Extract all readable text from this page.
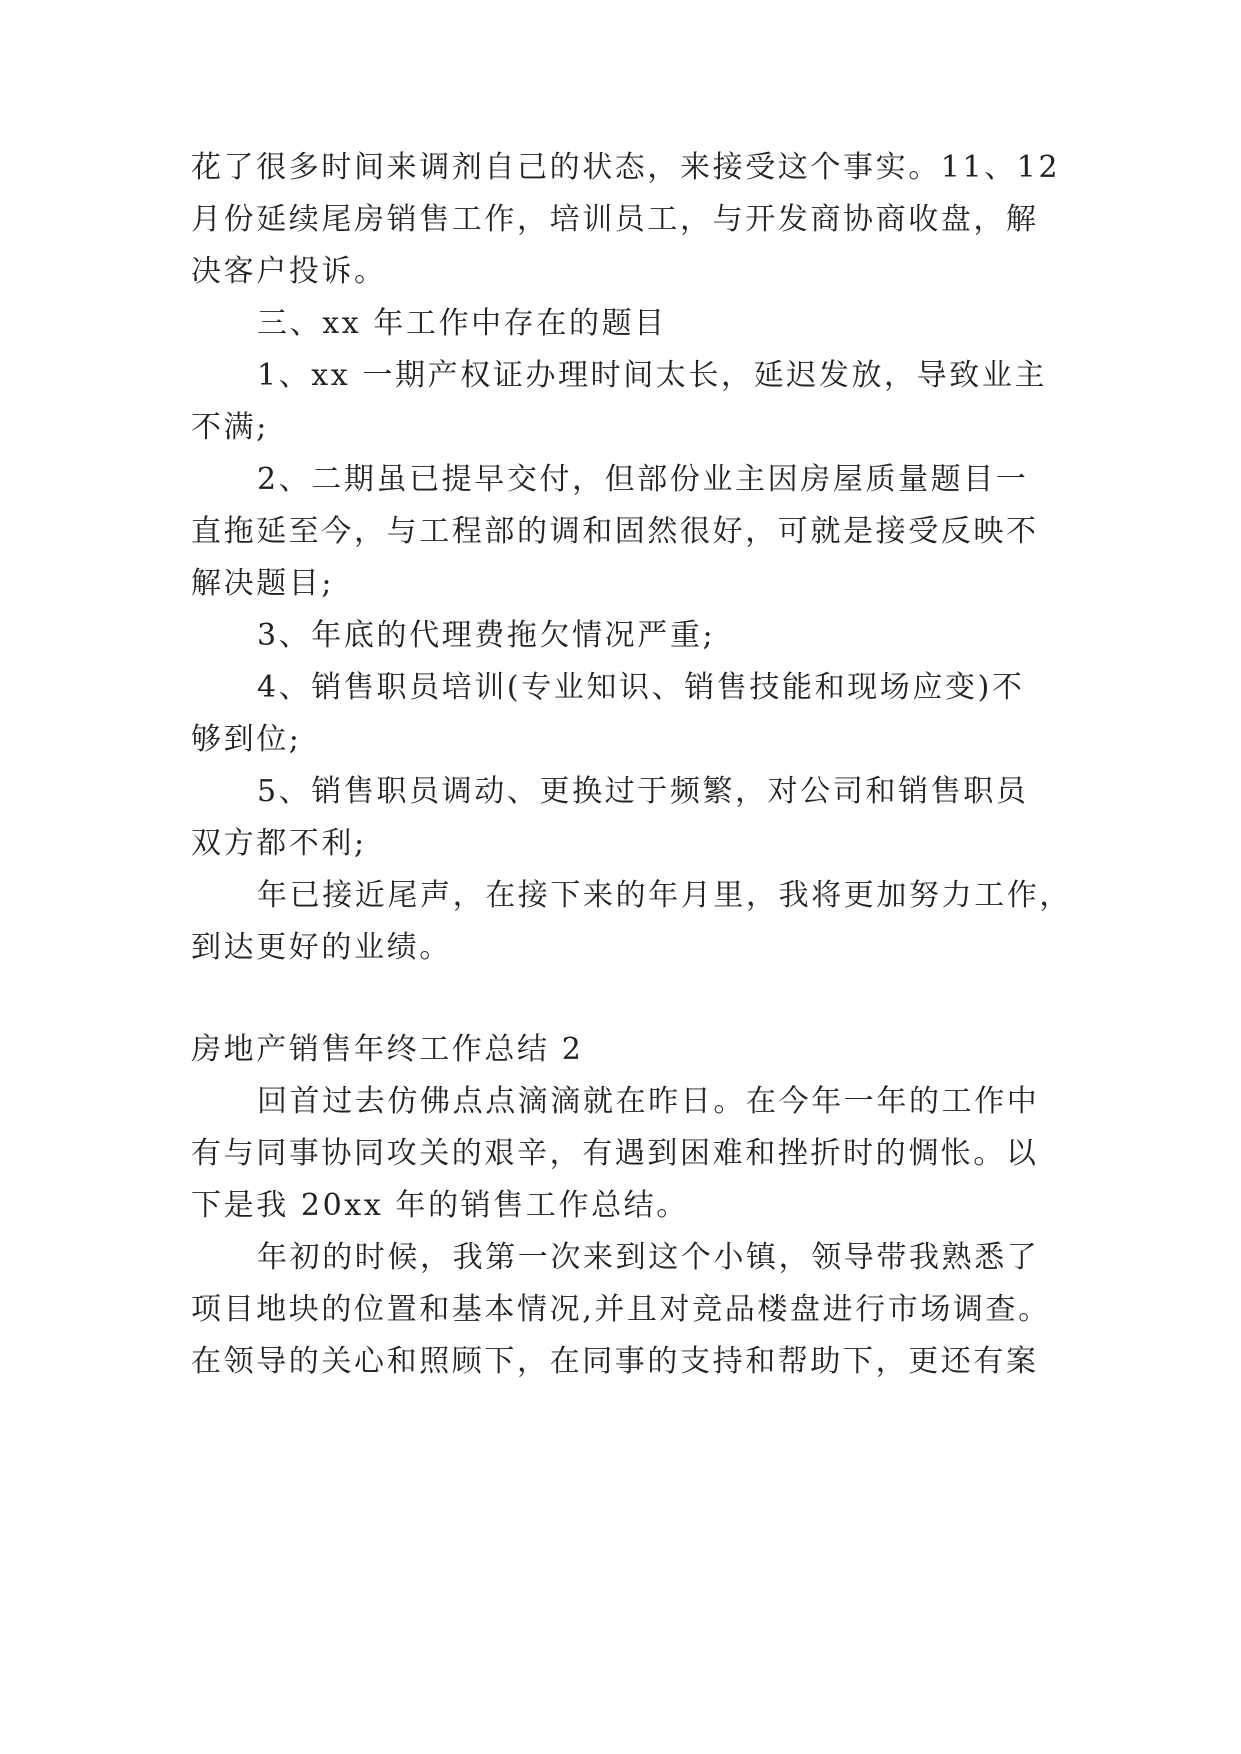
花了很多时间来调剂自己的状态，来接受这个事实。11、12
月份延续尾房销售工作，培训员工，与开发商协商收盘，解
决客户投诉。
三、xx 年工作中存在的题目
1、xx 一期产权证办理时间太长，延迟发放，导致业主
不满;
2、二期虽已提早交付，但部份业主因房屋质量题目一
直拖延至今，与工程部的调和固然很好，可就是接受反映不
解决题目;
3、年底的代理费拖欠情况严重;
4、销售职员培训(专业知识、销售技能和现场应变)不
够到位;
5、销售职员调动、更换过于频繁，对公司和销售职员
双方都不利;
年已接近尾声，在接下来的年月里，我将更加努力工作，
到达更好的业绩。
房地产销售年终工作总结 2
回首过去仿佛点点滴滴就在昨日。在今年一年的工作中
有与同事协同攻关的艰辛，有遇到困难和挫折时的惆怅。以
下是我 20xx 年的销售工作总结。
年初的时候，我第一次来到这个小镇，领导带我熟悉了
项目地块的位置和基本情况,并且对竞品楼盘进行市场调查。
在领导的关心和照顾下，在同事的支持和帮助下，更还有案
